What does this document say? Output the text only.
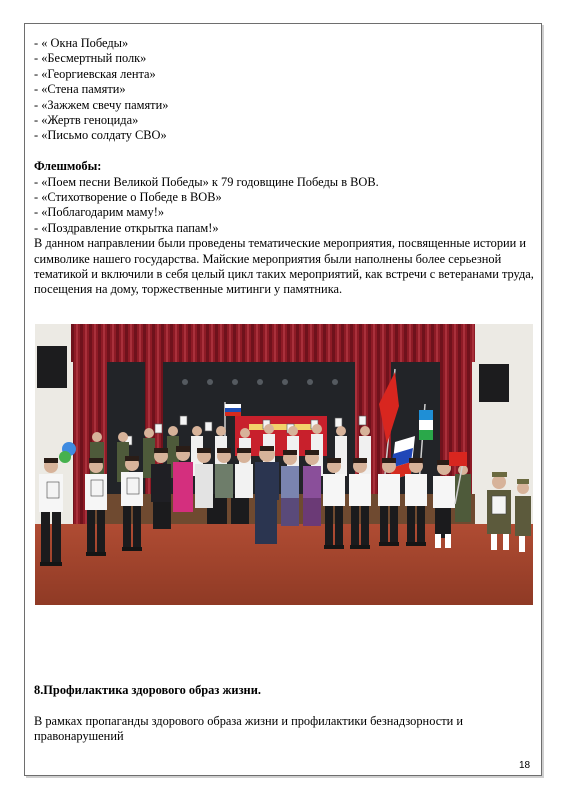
- « Окна Победы»
- «Бесмертный полк»
- «Георгиевская лента»
- «Стена памяти»
- «Зажжем свечу памяти»
- «Жертв геноцида»
- «Письмо солдату СВО»
Флешмобы:
- «Поем песни Великой Победы» к 79 годовщине Победы в ВОВ.
- «Стихотворение о Победе в ВОВ»
- «Поблагодарим маму!»
- «Поздравление открытка папам!»
В данном направлении были проведены тематические мероприятия, посвященные истории и символике нашего государства. Майские мероприятия были наполнены более серьезной тематикой и включили в себя целый цикл таких мероприятий, как встречи с ветеранами труда, посещения на дому, торжественные митинги у памятника.
8.Профилактика здорового образ жизни.
В рамках пропаганды здорового образа жизни и профилактики безнадзорности и правонарушений
18
